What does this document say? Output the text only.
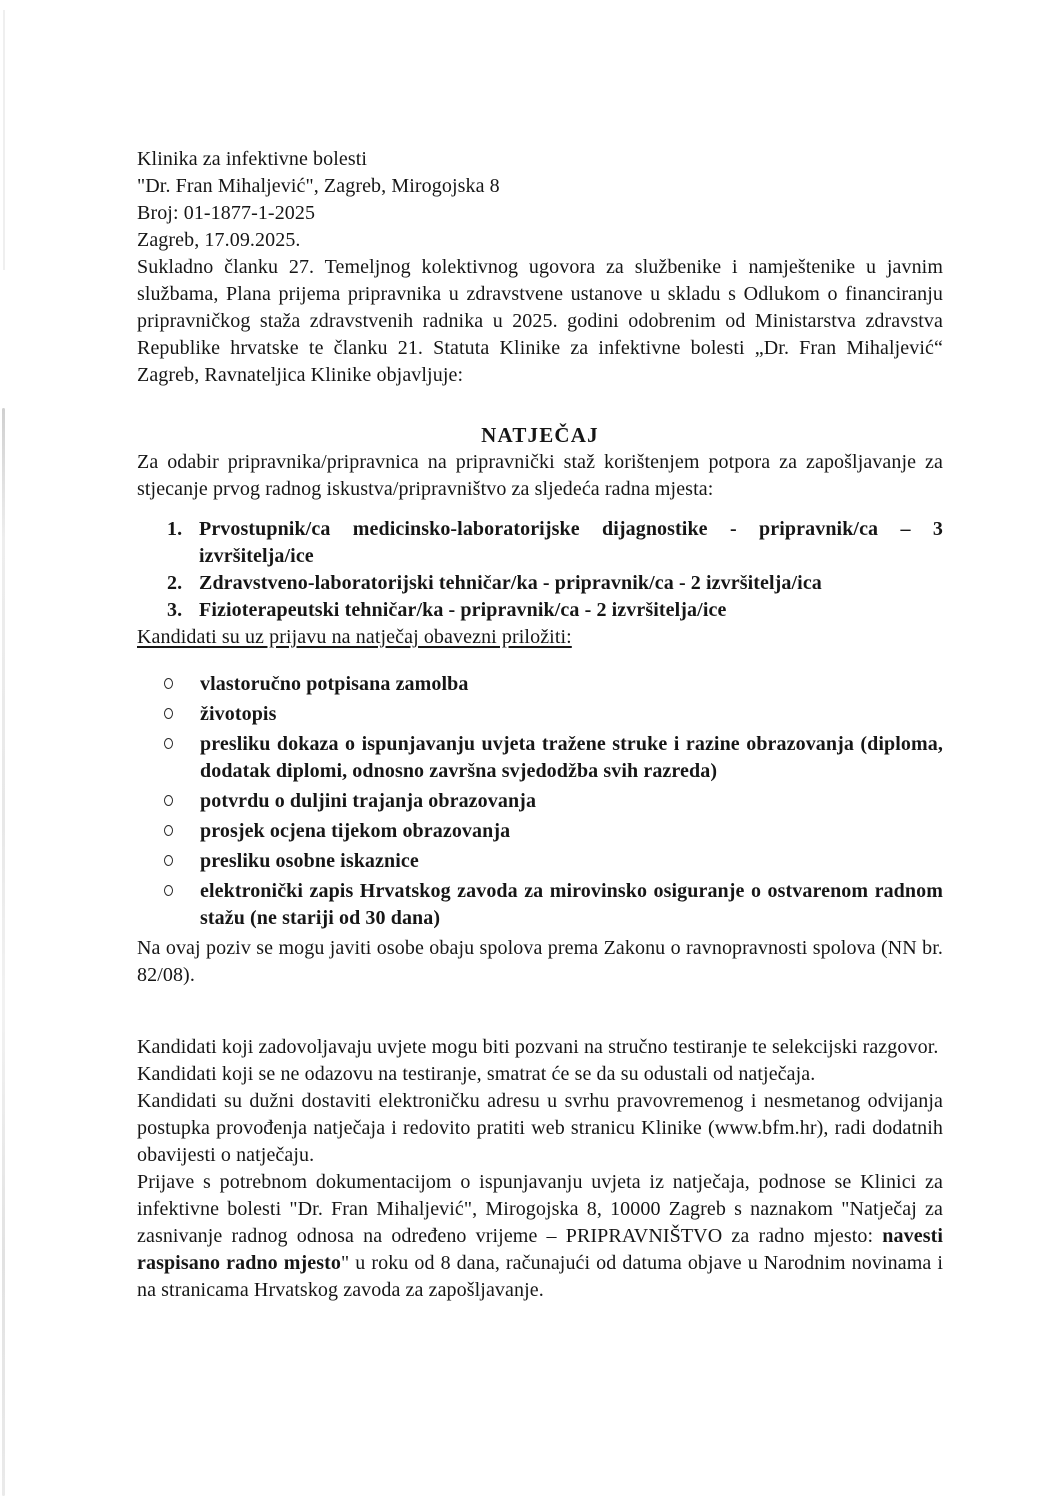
Klinika za infektivne bolesti
"Dr. Fran Mihaljević", Zagreb, Mirogojska 8
Broj: 01-1877-1-2025
Zagreb, 17.09.2025.

Sukladno članku 27. Temeljnog kolektivnog ugovora za službenike i namještenike u javnim službama, Plana prijema pripravnika u zdravstvene ustanove u skladu s Odlukom o financiranju pripravničkog staža zdravstvenih radnika u 2025. godini odobrenim od Ministarstva zdravstva Republike hrvatske te članku 21. Statuta Klinike za infektivne bolesti „Dr. Fran Mihaljević“ Zagreb, Ravnateljica Klinike objavljuje:

NATJEČAJ

Za odabir pripravnika/pripravnica na pripravnički staž korištenjem potpora za zapošljavanje za stjecanje prvog radnog iskustva/pripravništvo za sljedeća radna mjesta:

1. Prvostupnik/ca medicinsko-laboratorijske dijagnostike - pripravnik/ca – 3 izvršitelja/ice
2. Zdravstveno-laboratorijski tehničar/ka - pripravnik/ca - 2 izvršitelja/ica
3. Fizioterapeutski tehničar/ka - pripravnik/ca - 2 izvršitelja/ice

Kandidati su uz prijavu na natječaj obavezni priložiti:

vlastoručno potpisana zamolba
životopis
presliku dokaza o ispunjavanju uvjeta tražene struke i razine obrazovanja (diploma, dodatak diplomi, odnosno završna svjedodžba svih razreda)
potvrdu o duljini trajanja obrazovanja
prosjek ocjena tijekom obrazovanja
presliku osobne iskaznice
elektronički zapis Hrvatskog zavoda za mirovinsko osiguranje o ostvarenom radnom stažu (ne stariji od 30 dana)

Na ovaj poziv se mogu javiti osobe obaju spolova prema Zakonu o ravnopravnosti spolova (NN br. 82/08).

Kandidati koji zadovoljavaju uvjete mogu biti pozvani na stručno testiranje te selekcijski razgovor.

Kandidati koji se ne odazovu na testiranje, smatrat će se da su odustali od natječaja.

Kandidati su dužni dostaviti elektroničku adresu u svrhu pravovremenog i nesmetanog odvijanja postupka provođenja natječaja i redovito pratiti web stranicu Klinike (www.bfm.hr), radi dodatnih obavijesti o natječaju.

Prijave s potrebnom dokumentacijom o ispunjavanju uvjeta iz natječaja, podnose se Klinici za infektivne bolesti "Dr. Fran Mihaljević", Mirogojska 8, 10000 Zagreb s naznakom "Natječaj za zasnivanje radnog odnosa na određeno vrijeme – PRIPRAVNIŠTVO za radno mjesto: navesti raspisano radno mjesto" u roku od 8 dana, računajući od datuma objave u Narodnim novinama i na stranicama Hrvatskog zavoda za zapošljavanje.
